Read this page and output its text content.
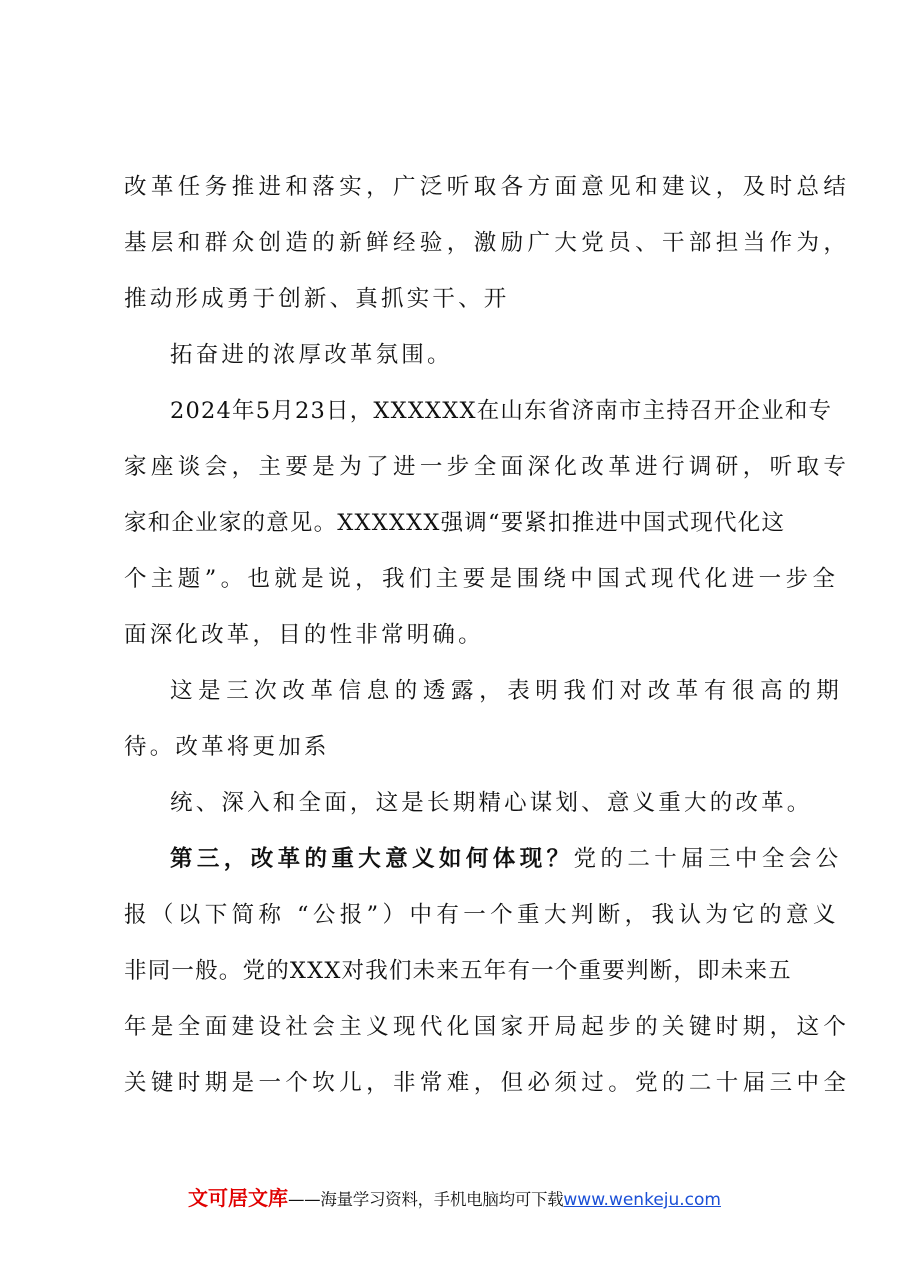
改革任务推进和落实，广泛听取各方面意见和建议，及时总结
基层和群众创造的新鲜经验，激励广大党员、干部担当作为，
推动形成勇于创新、真抓实干、开
拓奋进的浓厚改革氛围。
2024年5月23日，XXXXXX在山东省济南市主持召开企业和专
家座谈会，主要是为了进一步全面深化改革进行调研，听取专
家和企业家的意见。XXXXXX强调“要紧扣推进中国式现代化这
个主题”。也就是说，我们主要是围绕中国式现代化进一步全
面深化改革，目的性非常明确。
这是三次改革信息的透露，表明我们对改革有很高的期
待。改革将更加系
统、深入和全面，这是长期精心谋划、意义重大的改革。
第三，改革的重大意义如何体现？党的二十届三中全会公
报（以下简称 “公报”）中有一个重大判断，我认为它的意义
非同一般。党的XXX对我们未来五年有一个重要判断，即未来五
年是全面建设社会主义现代化国家开局起步的关键时期，这个
关键时期是一个坎儿，非常难，但必须过。党的二十届三中全
文可居文库——海量学习资料，手机电脑均可下载www.wenkeju.com
